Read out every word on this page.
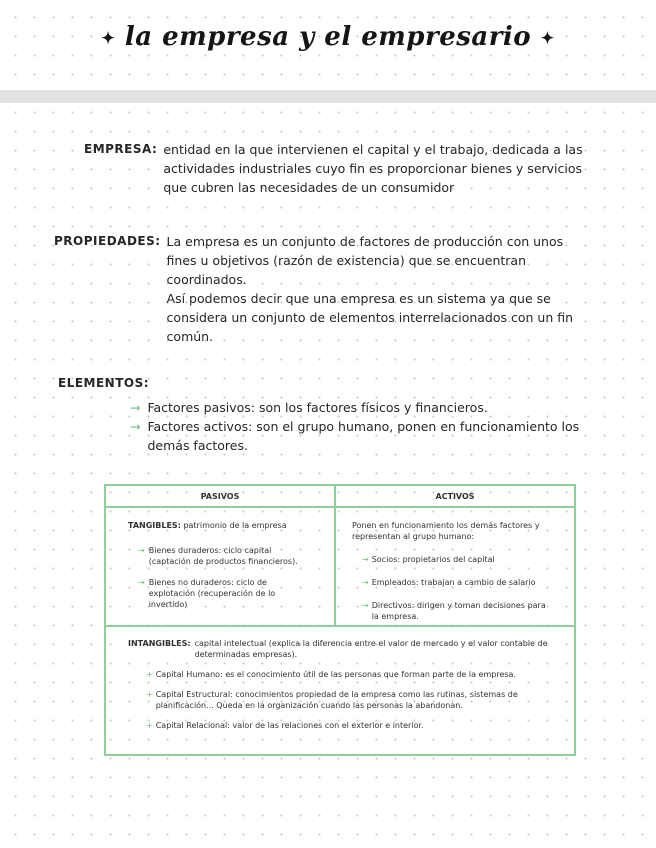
✦ la empresa y el empresario ✦
EMPRESA: entidad en la que intervienen el capital y el trabajo, dedicada a las actividades industriales cuyo fin es proporcionar bienes y servicios que cubren las necesidades de un consumidor
PROPIEDADES: La empresa es un conjunto de factores de producción con unos fines u objetivos (razón de existencia) que se encuentran coordinados.
Así podemos decir que una empresa es un sistema ya que se considera un conjunto de elementos interrelacionados con un fin común.
ELEMENTOS:
→ Factores pasivos: son los factores físicos y financieros.
→ Factores activos: son el grupo humano, ponen en funcionamiento los demás factores.
PASIVOS	ACTIVOS
TANGIBLES: patrimonio de la empresa
→ Bienes duraderos: ciclo capital (captación de productos financieros).
→ Bienes no duraderos: ciclo de explotación (recuperación de lo invertido)
Ponen en funcionamiento los demás factores y representan al grupo humano:
→ Socios: propietarios del capital
→ Empleados: trabajan a cambio de salario
→ Directivos: dirigen y toman decisiones para la empresa.
INTANGIBLES: capital intelectual (explica la diferencia entre el valor de mercado y el valor contable de determinadas empresas).
+ Capital Humano: es el conocimiento útil de las personas que forman parte de la empresa.
+ Capital Estructural: conocimientos propiedad de la empresa como las rutinas, sistemas de planificación... Queda en la organización cuando las personas la abandonan.
+ Capital Relacional: valor de las relaciones con el exterior e interior.
